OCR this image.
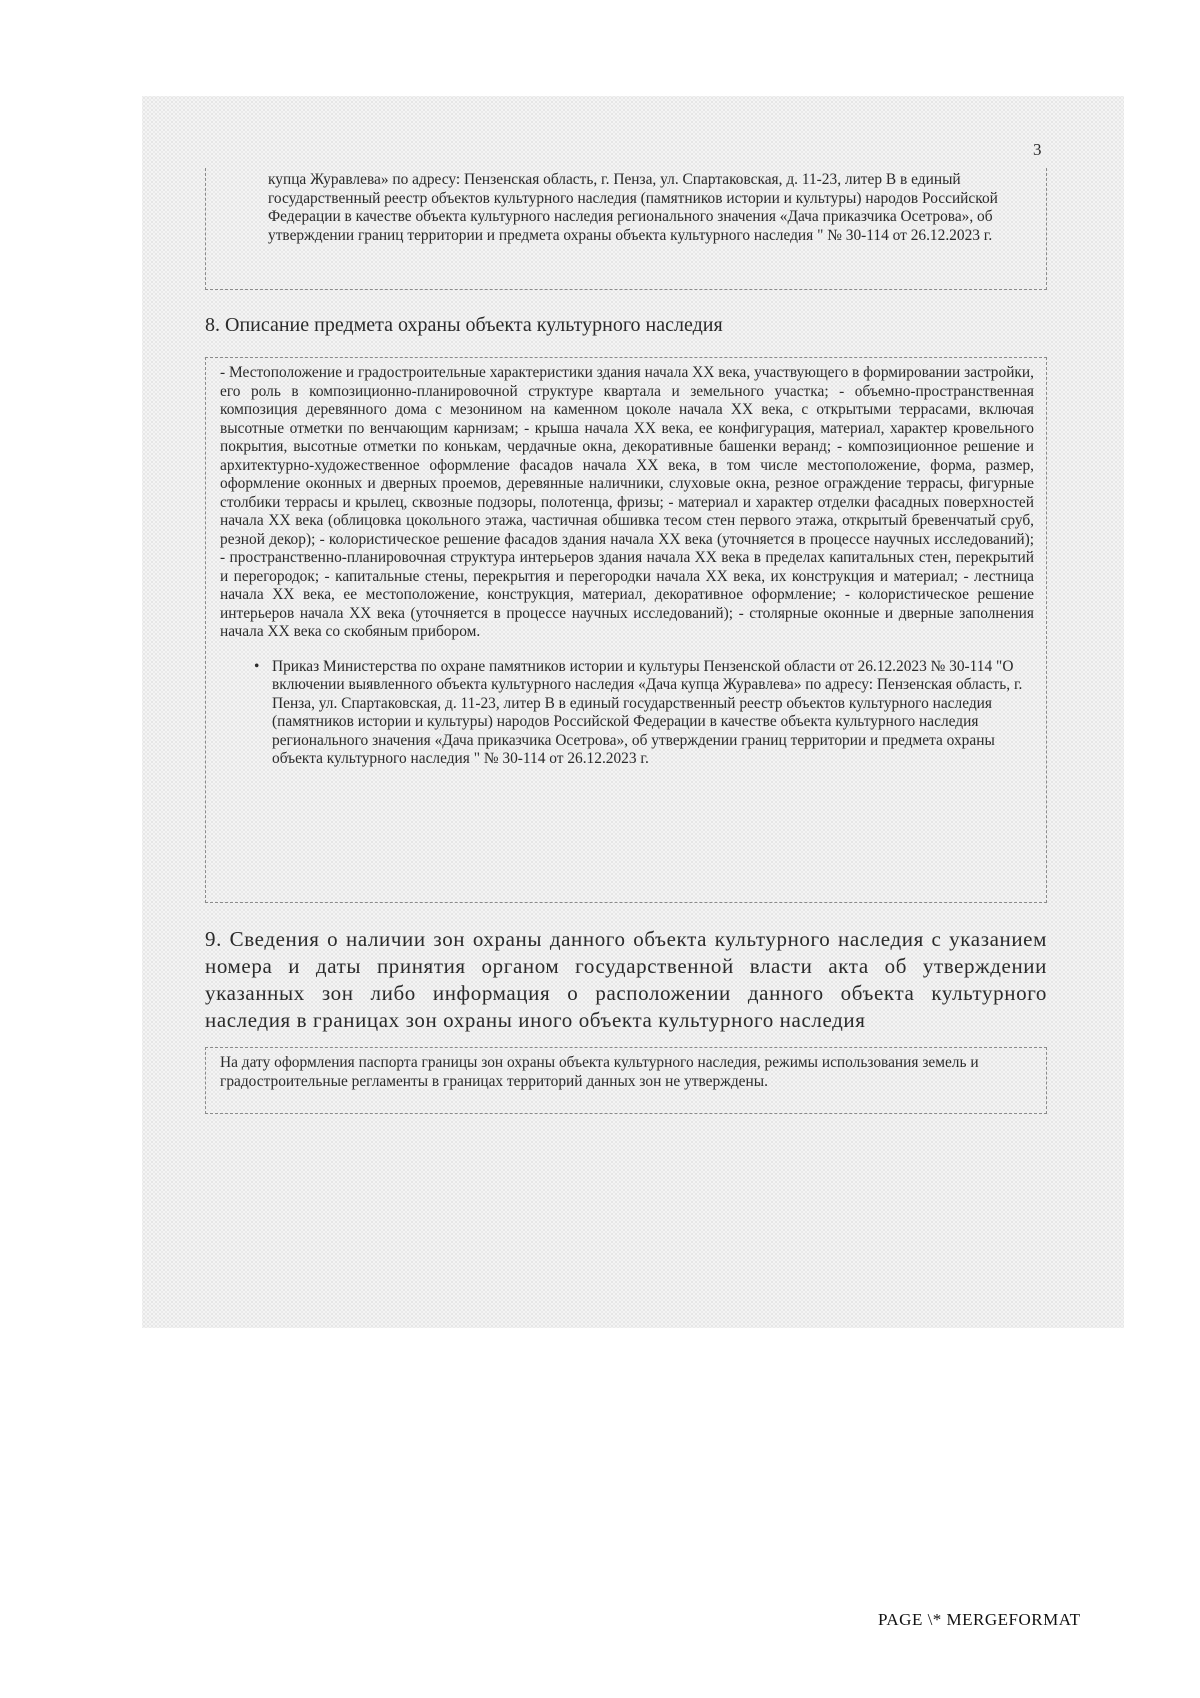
3
купца Журавлева» по адресу: Пензенская область, г. Пенза, ул. Спартаковская, д. 11-23, литер В в единый государственный реестр объектов культурного наследия (памятников истории и культуры) народов Российской Федерации в качестве объекта культурного наследия регионального значения «Дача приказчика Осетрова», об утверждении границ территории и предмета охраны объекта культурного наследия " № 30-114 от 26.12.2023 г.
8. Описание предмета охраны объекта культурного наследия
- Местоположение и градостроительные характеристики здания начала XX века, участвующего в формировании застройки, его роль в композиционно-планировочной структуре квартала и земельного участка; - объемно-пространственная композиция деревянного дома с мезонином на каменном цоколе начала XX века, с открытыми террасами, включая высотные отметки по венчающим карнизам; - крыша начала XX века, ее конфигурация, материал, характер кровельного покрытия, высотные отметки по конькам, чердачные окна, декоративные башенки веранд; - композиционное решение и архитектурно-художественное оформление фасадов начала XX века, в том числе местоположение, форма, размер, оформление оконных и дверных проемов, деревянные наличники, слуховые окна, резное ограждение террасы, фигурные столбики террасы и крылец, сквозные подзоры, полотенца, фризы; - материал и характер отделки фасадных поверхностей начала XX века (облицовка цокольного этажа, частичная обшивка тесом стен первого этажа, открытый бревенчатый сруб, резной декор); - колористическое решение фасадов здания начала XX века (уточняется в процессе научных исследований); - пространственно-планировочная структура интерьеров здания начала XX века в пределах капитальных стен, перекрытий и перегородок; - капитальные стены, перекрытия и перегородки начала XX века, их конструкция и материал; - лестница начала XX века, ее местоположение, конструкция, материал, декоративное оформление; - колористическое решение интерьеров начала XX века (уточняется в процессе научных исследований); - столярные оконные и дверные заполнения начала XX века со скобяным прибором.
• Приказ Министерства по охране памятников истории и культуры Пензенской области от 26.12.2023 № 30-114 "О включении выявленного объекта культурного наследия «Дача купца Журавлева» по адресу: Пензенская область, г. Пенза, ул. Спартаковская, д. 11-23, литер В в единый государственный реестр объектов культурного наследия (памятников истории и культуры) народов Российской Федерации в качестве объекта культурного наследия регионального значения «Дача приказчика Осетрова», об утверждении границ территории и предмета охраны объекта культурного наследия " № 30-114 от 26.12.2023 г.
9. Сведения о наличии зон охраны данного объекта культурного наследия с указанием номера и даты принятия органом государственной власти акта об утверждении указанных зон либо информация о расположении данного объекта культурного наследия в границах зон охраны иного объекта культурного наследия
На дату оформления паспорта границы зон охраны объекта культурного наследия, режимы использования земель и градостроительные регламенты в границах территорий данных зон не утверждены.
PAGE \* MERGEFORMAT
